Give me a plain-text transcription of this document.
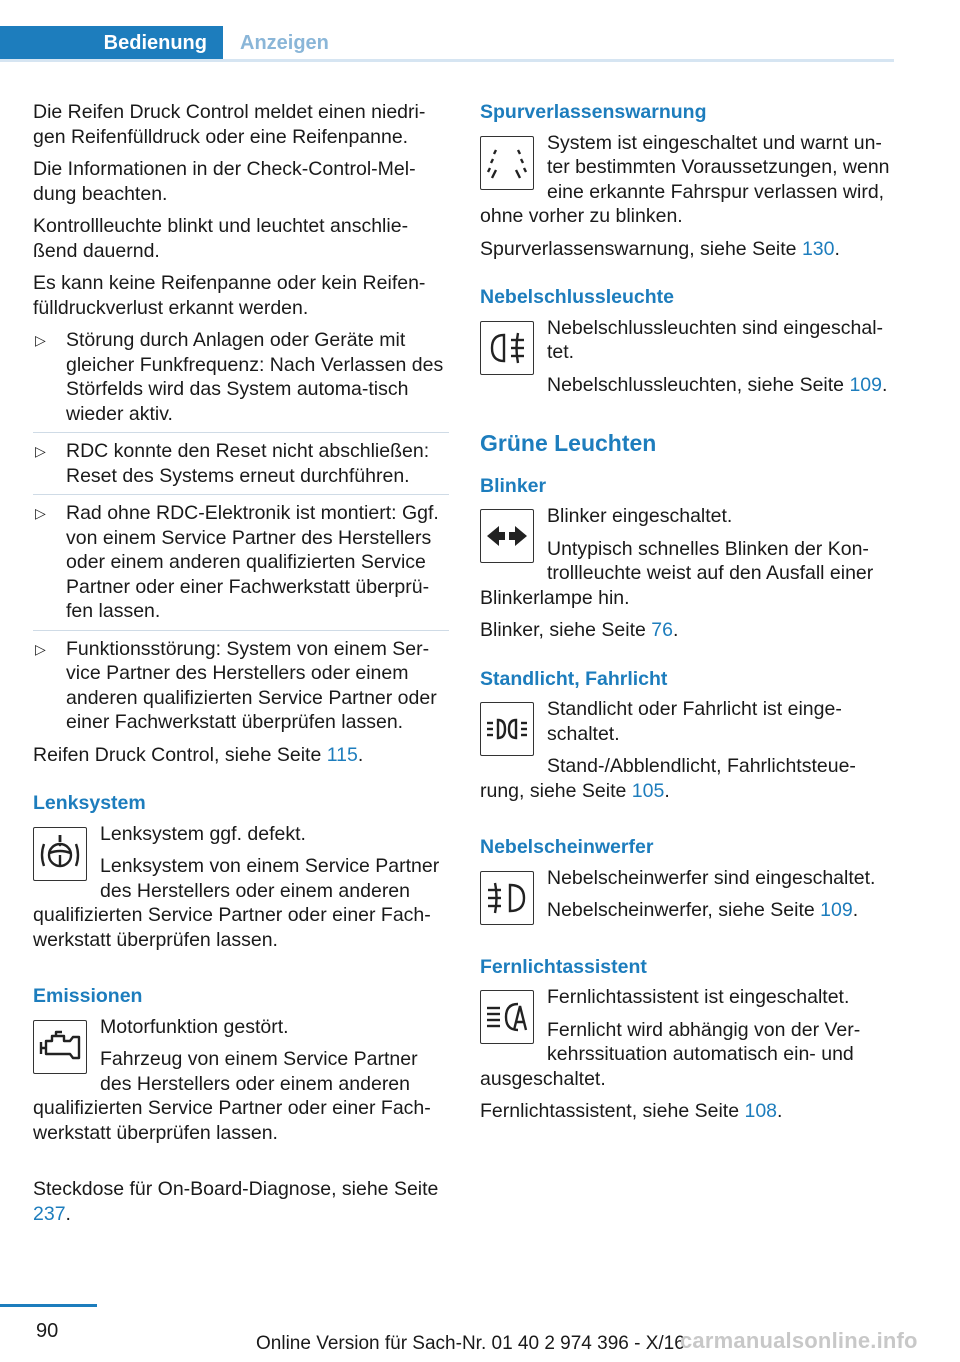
Bedienung	Anzeigen

Die Reifen Druck Control meldet einen niedri-gen Reifenfülldruck oder eine Reifenpanne.

Die Informationen in der Check-Control-Mel-dung beachten.

Kontrollleuchte blinkt und leuchtet anschlie-ßend dauernd.

Es kann keine Reifenpanne oder kein Reifen-fülldruckverlust erkannt werden.

▷ Störung durch Anlagen oder Geräte mit gleicher Funkfrequenz: Nach Verlassen des Störfelds wird das System automa-tisch wieder aktiv.
▷ RDC konnte den Reset nicht abschließen: Reset des Systems erneut durchführen.
▷ Rad ohne RDC-Elektronik ist montiert: Ggf. von einem Service Partner des Herstellers oder einem anderen qualifizierten Service Partner oder einer Fachwerkstatt überprü-fen lassen.
▷ Funktionsstörung: System von einem Ser-vice Partner des Herstellers oder einem anderen qualifizierten Service Partner oder einer Fachwerkstatt überprüfen lassen.

Reifen Druck Control, siehe Seite 115.

Lenksystem

Lenksystem ggf. defekt.

Lenksystem von einem Service Partner des Herstellers oder einem anderen qualifizierten Service Partner oder einer Fach-werkstatt überprüfen lassen.

Emissionen

Motorfunktion gestört.

Fahrzeug von einem Service Partner des Herstellers oder einem anderen qualifizierten Service Partner oder einer Fach-werkstatt überprüfen lassen.

Steckdose für On-Board-Diagnose, siehe Seite 237.

Spurverlassenswarnung

System ist eingeschaltet und warnt un-ter bestimmten Voraussetzungen, wenn eine erkannte Fahrspur verlassen wird, ohne vorher zu blinken.

Spurverlassenswarnung, siehe Seite 130.

Nebelschlussleuchte

Nebelschlussleuchten sind eingeschal-tet.

Nebelschlussleuchten, siehe Seite 109.

Grüne Leuchten
Blinker

Blinker eingeschaltet.

Untypisch schnelles Blinken der Kon-trollleuchte weist auf den Ausfall einer Blinkerlampe hin.

Blinker, siehe Seite 76.

Standlicht, Fahrlicht

Standlicht oder Fahrlicht ist einge-schaltet.

Stand-/Abblendlicht, Fahrlichtsteue-rung, siehe Seite 105.

Nebelscheinwerfer

Nebelscheinwerfer sind eingeschaltet.

Nebelscheinwerfer, siehe Seite 109.

Fernlichtassistent

Fernlichtassistent ist eingeschaltet.

Fernlicht wird abhängig von der Ver-kehrssituation automatisch ein- und ausgeschaltet.

Fernlichtassistent, siehe Seite 108.

90
Online Version für Sach-Nr. 01 40 2 974 396 - X/16
carmanualsonline.info
